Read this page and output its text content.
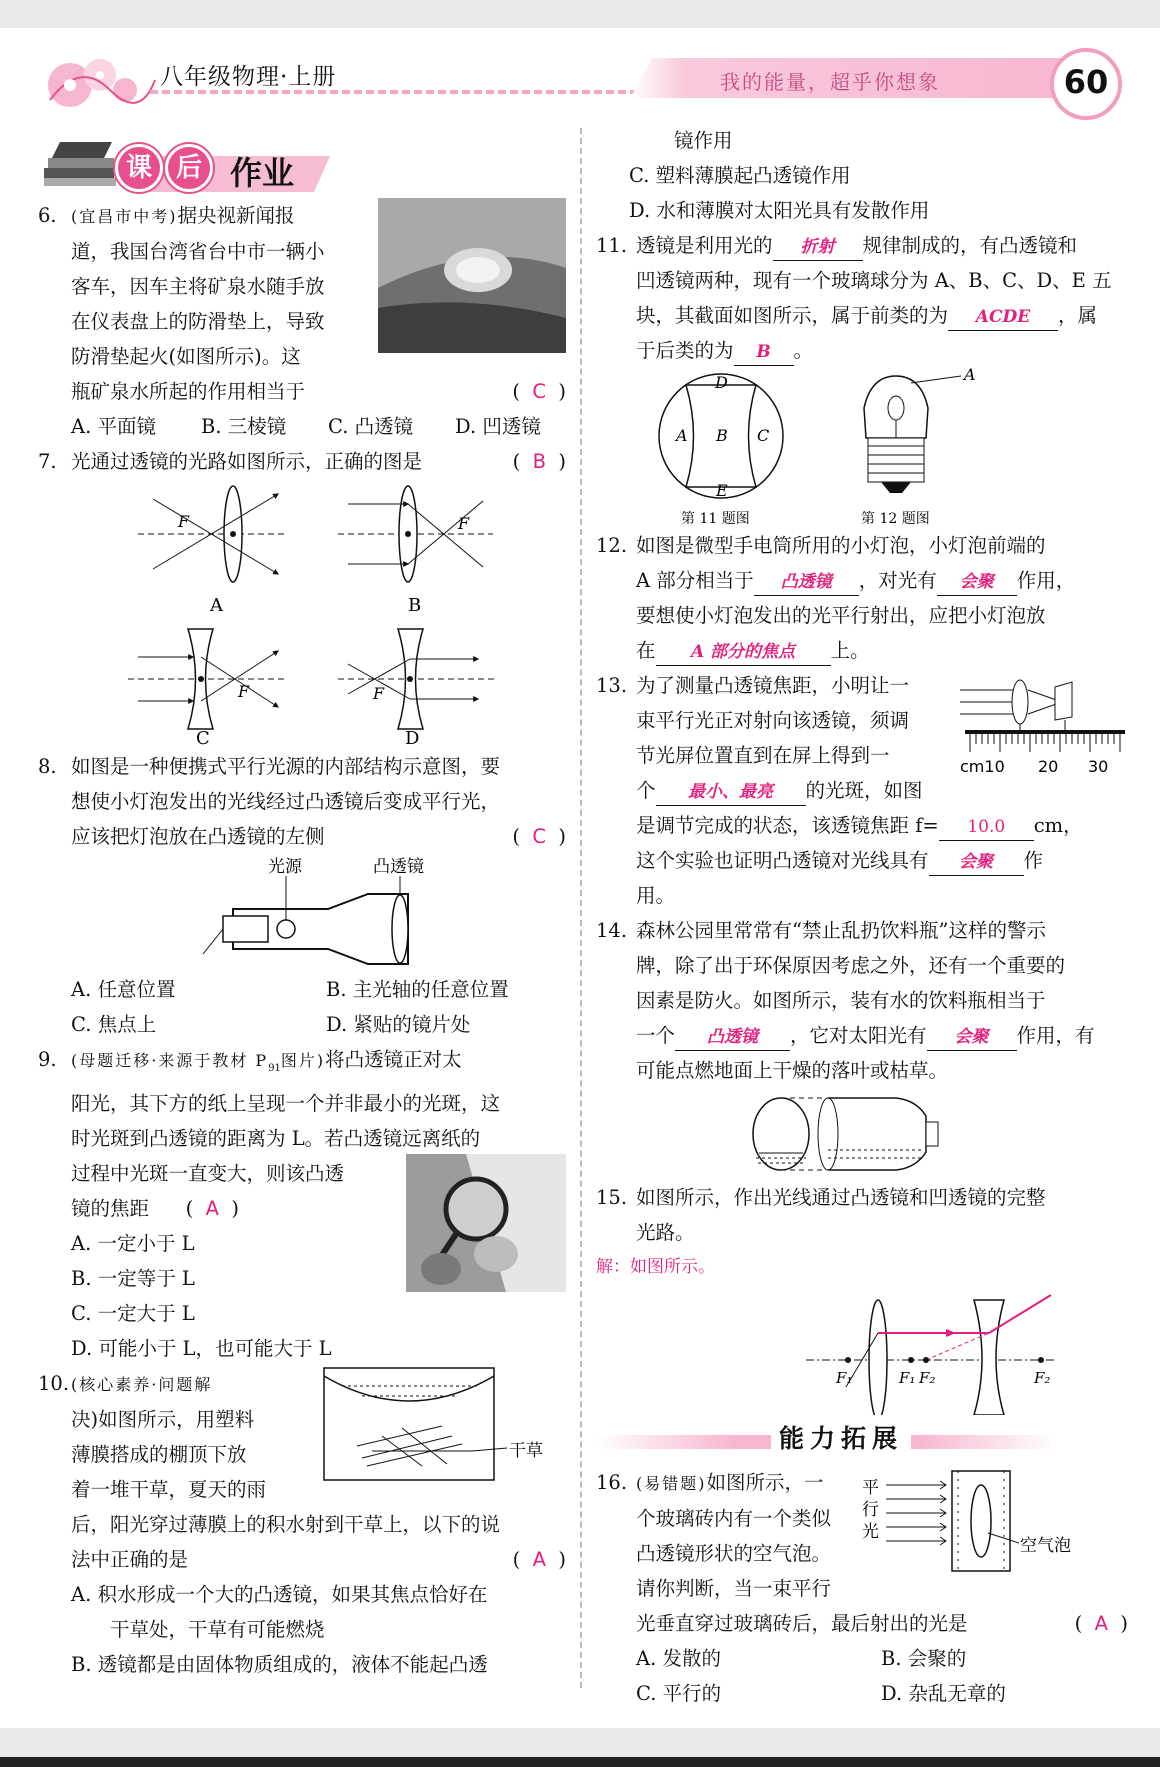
八年级物理·上册	我的能量，超乎你想象	60
课 后 作业

6. (宜昌市中考)据央视新闻报

道，我国台湾省台中市一辆小

客车，因车主将矿泉水随手放

在仪表盘上的防滑垫上，导致

防滑垫起火(如图所示)。这

瓶矿泉水所起的作用相当于	(  C  )

A. 平面镜 B. 三棱镜 C. 凸透镜 D. 凹透镜

7. 光通过透镜的光路如图所示，正确的图是	(  B  )

F
A
F
B
F
C
F
D

8. 如图是一种便携式平行光源的内部结构示意图，要

想使小灯泡发出的光线经过凸透镜后变成平行光，

应该把灯泡放在凸透镜的左侧	(  C  )

光源	凸透镜

A. 任意位置	B. 主光轴的任意位置

C. 焦点上	D. 紧贴的镜片处

9. (母题迁移·来源于教材 $P_{91}$图片)将凸透镜正对太

阳光，其下方的纸上呈现一个并非最小的光斑，这

时光斑到凸透镜的距离为 L。若凸透镜远离纸的

过程中光斑一直变大，则该凸透

镜的焦距 (  A  )

A. 一定小于 L

B. 一定等于 L

C. 一定大于 L

D. 可能小于 L，也可能大于 L

干草

10. (核心素养·问题解

决)如图所示，用塑料

薄膜搭成的棚顶下放

着一堆干草，夏天的雨

后，阳光穿过薄膜上的积水射到干草上，以下的说

法中正确的是	(  A  )

A. 积水形成一个大的凸透镜，如果其焦点恰好在

干草处，干草有可能燃烧

B. 透镜都是由固体物质组成的，液体不能起凸透

镜作用

C. 塑料薄膜起凸透镜作用

D. 水和薄膜对太阳光具有发散作用

11. 透镜是利用光的 折射 规律制成的，有凸透镜和

凹透镜两种，现有一个玻璃球分为 A、B、C、D、E 五

块，其截面如图所示，属于前类的为 ACDE ，属

于后类的为 B 。

A B C
D
E
第 11 题图
A
第 12 题图

12. 如图是微型手电筒所用的小灯泡，小灯泡前端的

A 部分相当于 凸透镜 ，对光有 会聚 作用，

要想使小灯泡发出的光平行射出，应把小灯泡放

在 A 部分的焦点 上。

cm10 20 30

13. 为了测量凸透镜焦距，小明让一

束平行光正对射向该透镜，须调

节光屏位置直到在屏上得到一

个 最小、最亮 的光斑，如图

是调节完成的状态，该透镜焦距 f= 10.0 cm，

这个实验也证明凸透镜对光线具有 会聚 作

用。

14. 森林公园里常常有“禁止乱扔饮料瓶”这样的警示

牌，除了出于环保原因考虑之外，还有一个重要的

因素是防火。如图所示，装有水的饮料瓶相当于

一个 凸透镜 ，它对太阳光有 会聚 作用，有

可能点燃地面上干燥的落叶或枯草。

15. 如图所示，作出光线通过凸透镜和凹透镜的完整

光路。

解：如图所示。

F₁	F₁ F₂	F₂
能力拓展
平
行
光
空气泡

16. (易错题)如图所示，一

个玻璃砖内有一个类似

凸透镜形状的空气泡。

请你判断，当一束平行

光垂直穿过玻璃砖后，最后射出的光是	(  A  )

A. 发散的	B. 会聚的

C. 平行的	D. 杂乱无章的
